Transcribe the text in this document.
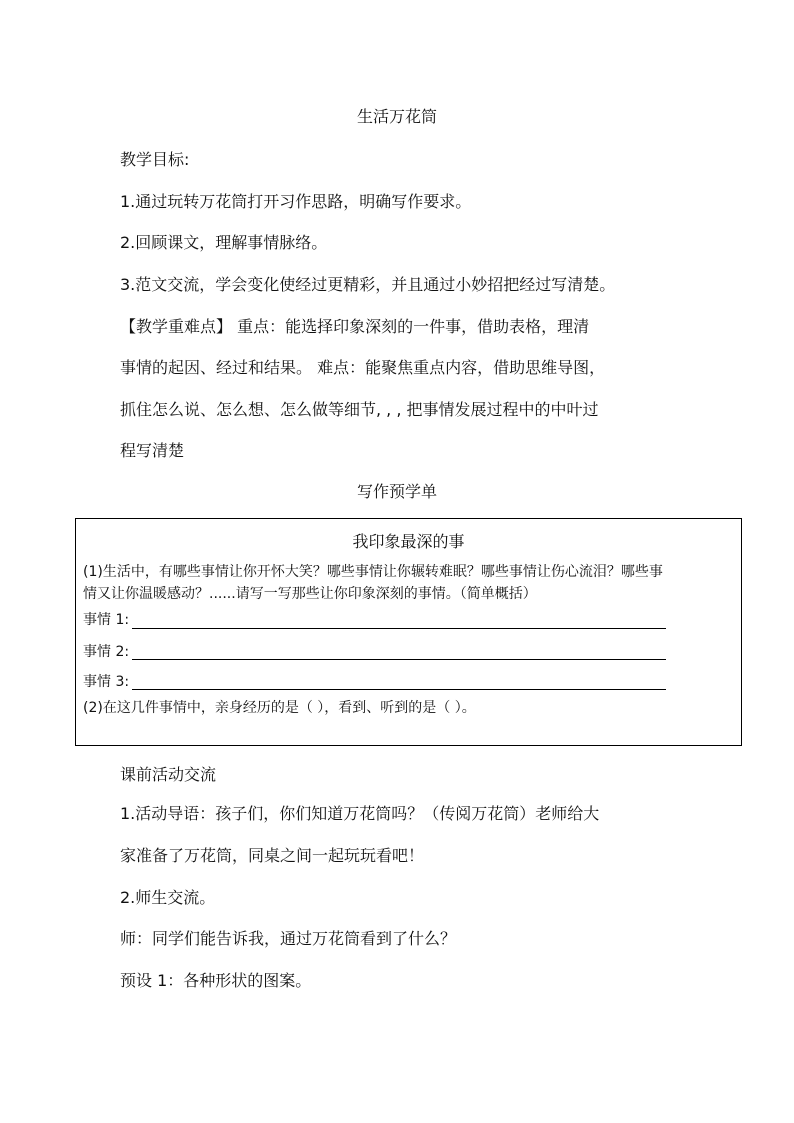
生活万花筒
教学目标:
1.通过玩转万花筒打开习作思路，明确写作要求。
2.回顾课文，理解事情脉络。
3.范文交流，学会变化使经过更精彩，并且通过小妙招把经过写清楚。
【教学重难点】 重点：能选择印象深刻的一件事，借助表格，理清
事情的起因、经过和结果。 难点：能聚焦重点内容，借助思维导图，
抓住怎么说、怎么想、怎么做等细节, , , 把事情发展过程中的中叶过
程写清楚
写作预学单
我印象最深的事
(1)生活中，有哪些事情让你开怀大笑？哪些事情让你辗转难眠？哪些事情让伤心流泪？哪些事
情又让你温暖感动？......请写一写那些让你印象深刻的事情。（简单概括）
事情 1:
事情 2:
事情 3:
(2)在这几件事情中，亲身经历的是（ ），看到、听到的是（ ）。
课前活动交流
1.活动导语：孩子们，你们知道万花筒吗？（传阅万花筒）老师给大
家准备了万花筒，同桌之间一起玩玩看吧！
2.师生交流。
师：同学们能告诉我，通过万花筒看到了什么？
预设 1：各种形状的图案。
